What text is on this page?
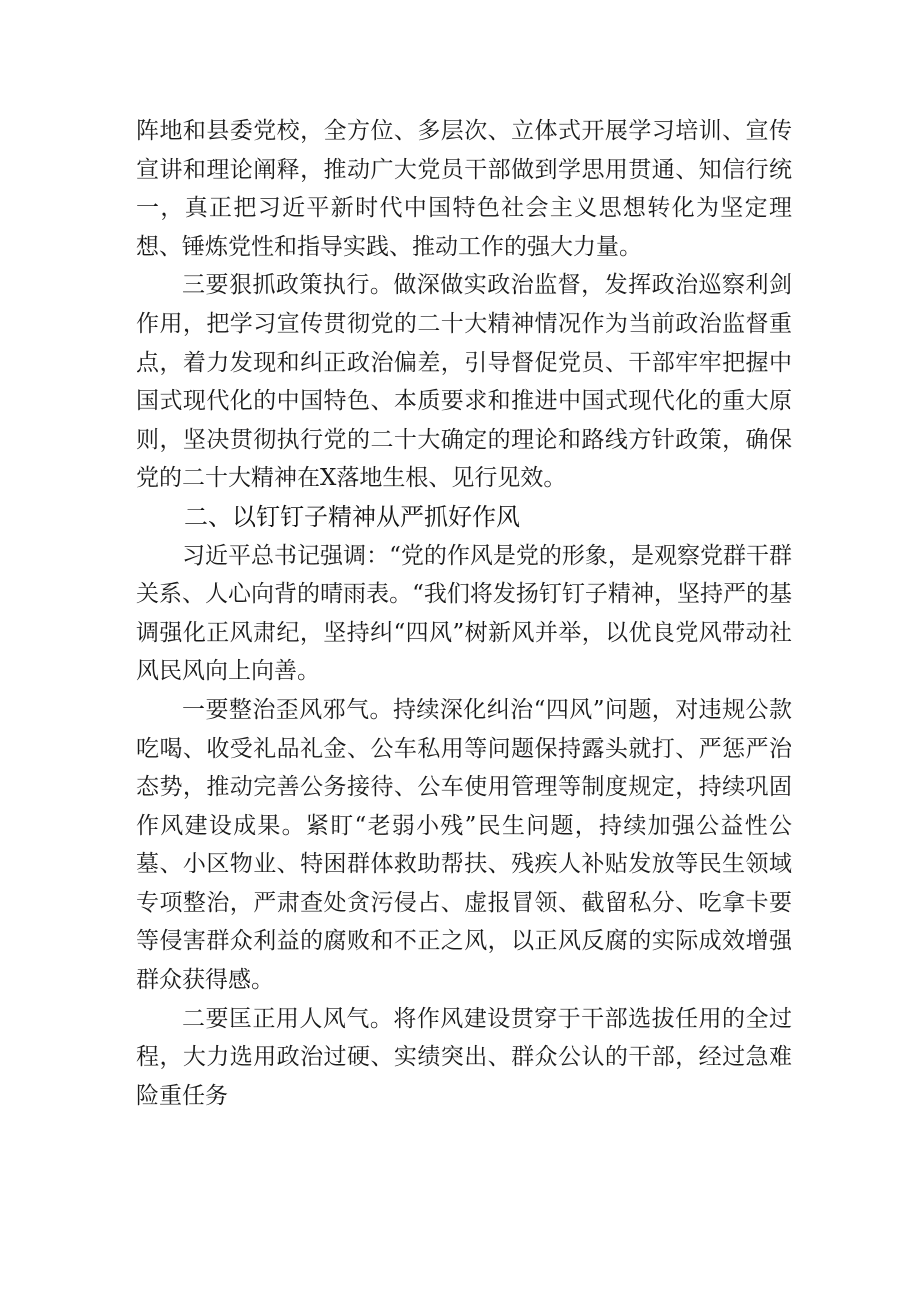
阵地和县委党校，全方位、多层次、立体式开展学习培训、宣传宣讲和理论阐释，推动广大党员干部做到学思用贯通、知信行统一，真正把习近平新时代中国特色社会主义思想转化为坚定理想、锤炼党性和指导实践、推动工作的强大力量。

三要狠抓政策执行。做深做实政治监督，发挥政治巡察利剑作用，把学习宣传贯彻党的二十大精神情况作为当前政治监督重点，着力发现和纠正政治偏差，引导督促党员、干部牢牢把握中国式现代化的中国特色、本质要求和推进中国式现代化的重大原则，坚决贯彻执行党的二十大确定的理论和路线方针政策，确保党的二十大精神在X落地生根、见行见效。

二、以钉钉子精神从严抓好作风

习近平总书记强调：“党的作风是党的形象，是观察党群干群关系、人心向背的晴雨表。“我们将发扬钉钉子精神，坚持严的基调强化正风肃纪，坚持纠“四风”树新风并举，以优良党风带动社风民风向上向善。

一要整治歪风邪气。持续深化纠治“四风”问题，对违规公款吃喝、收受礼品礼金、公车私用等问题保持露头就打、严惩严治态势，推动完善公务接待、公车使用管理等制度规定，持续巩固作风建设成果。紧盯“老弱小残”民生问题，持续加强公益性公墓、小区物业、特困群体救助帮扶、残疾人补贴发放等民生领域专项整治，严肃查处贪污侵占、虚报冒领、截留私分、吃拿卡要等侵害群众利益的腐败和不正之风，以正风反腐的实际成效增强群众获得感。

二要匡正用人风气。将作风建设贯穿于干部选拔任用的全过程，大力选用政治过硬、实绩突出、群众公认的干部，经过急难险重任务
